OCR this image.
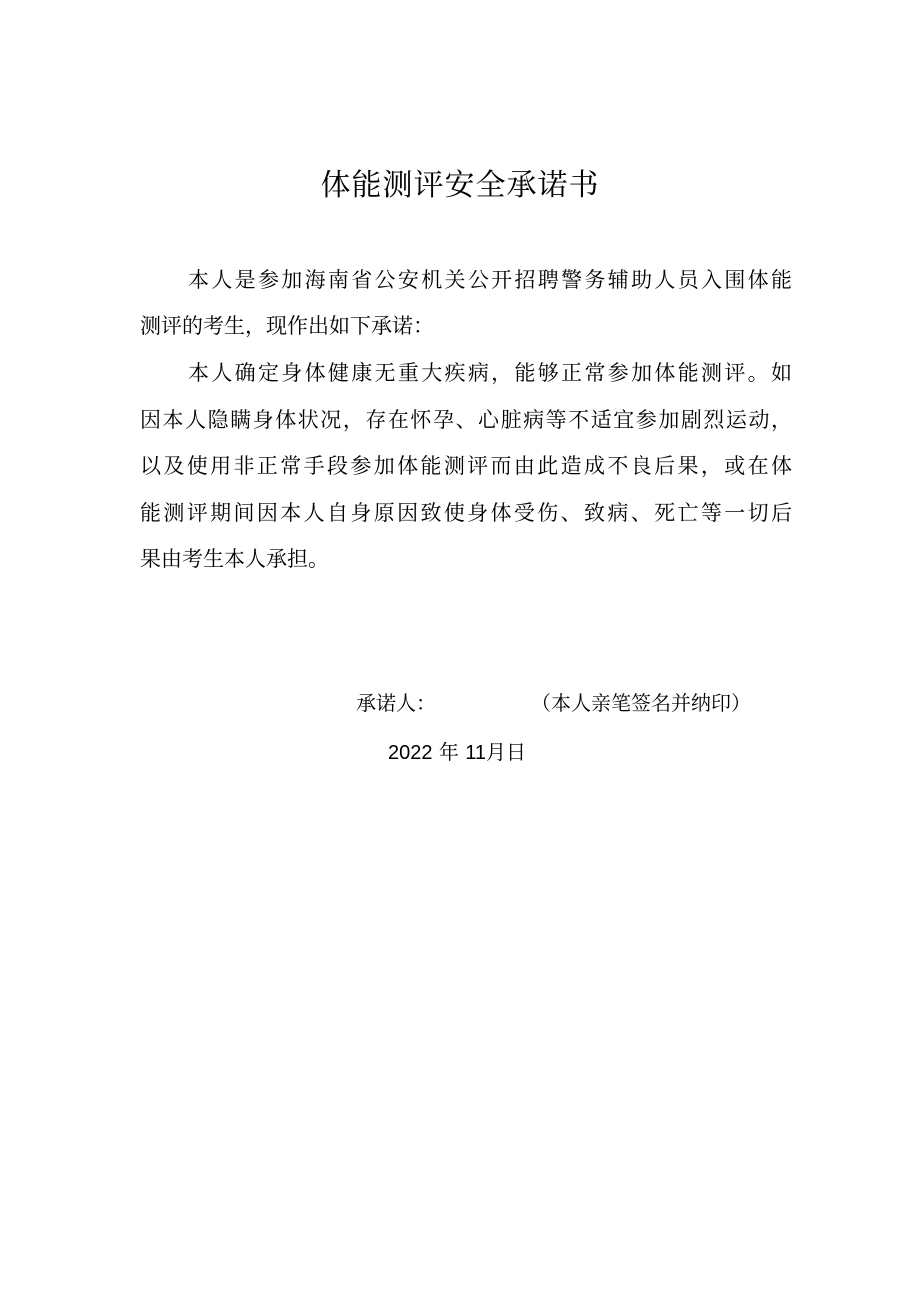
体能测评安全承诺书
本人是参加海南省公安机关公开招聘警务辅助人员入围体能
测评的考生，现作出如下承诺：
本人确定身体健康无重大疾病，能够正常参加体能测评。如
因本人隐瞒身体状况，存在怀孕、心脏病等不适宜参加剧烈运动，
以及使用非正常手段参加体能测评而由此造成不良后果，或在体
能测评期间因本人自身原因致使身体受伤、致病、死亡等一切后
果由考生本人承担。
承诺人：	（本人亲笔签名并纳印）
2022 年 11月日
